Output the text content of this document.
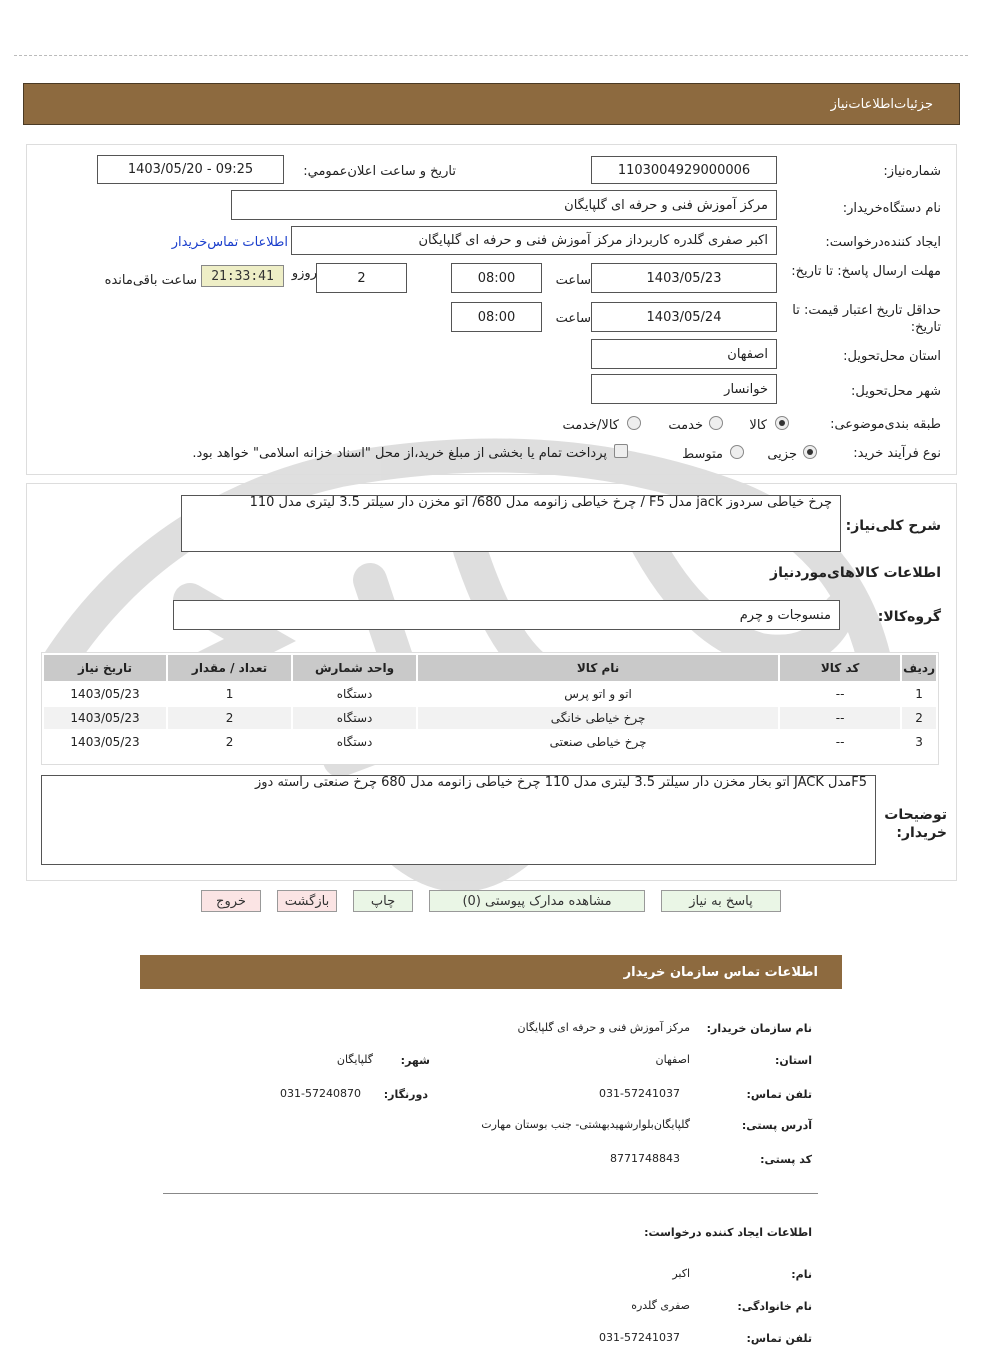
جزئیات‌اطلاعات‌نیاز
شماره‌نیاز:
1103004929000006
تاریخ و ساعت اعلان‌عمومي:
1403/05/20 - 09:25
نام دستگاه‌خریدار:
مرکز آموزش فنی و حرفه ای گلپایگان
ایجاد کننده‌درخواست:
اکبر صفری گلدره کاربرداز مرکز آموزش فنی و حرفه ای گلپایگان
اطلاعات تماس‌خریدار
مهلت ارسال پاسخ: تا تاریخ:
1403/05/23
ساعت
08:00
2
روزو
21:33:41
ساعت باقی‌مانده
حداقل تاریخ اعتبار قیمت: تا تاریخ:
1403/05/24
ساعت
08:00
استان محل‌تحویل:
اصفهان
شهر محل‌تحویل:
خوانسار
طبقه بندی‌موضوعی:
کالا
خدمت
کالا/خدمت
نوع فرآیند خرید:
جزیی
متوسط
پرداخت تمام یا بخشی از مبلغ خرید،از محل "اسناد خزانه اسلامی" خواهد بود.
شرح کلی‌نیاز:
چرخ خیاطی سردوز jack مدل F5 / چرخ خیاطی زانومه مدل 680/ اتو مخزن دار سیلتر 3.5 لیتری مدل 110
اطلاعات کالاهای‌مورد‌نیاز
گروه‌کالا:
منسوجات و چرم
ردیف	کد کالا	نام کالا	واحد شمارش	تعداد / مقدار	تاریخ نیاز
1	--	اتو و اتو پرس	دستگاه	1	1403/05/23
2	--	چرخ خیاطی خانگی	دستگاه	2	1403/05/23
3	--	چرخ خیاطی صنعتی	دستگاه	2	1403/05/23
توضیحات خریدار:
F5مدل JACK اتو بخار مخزن دار سیلتر 3.5 لیتری مدل 110 چرخ خیاطی زانومه مدل 680 چرخ صنعتی راسته دوز
پاسخ به نیاز
مشاهده مدارک پیوستی (0)
چاپ
بازگشت
خروج
اطلاعات تماس سازمان خریدار
نام سازمان خریدار:
مرکز آموزش فنی و حرفه ای گلپایگان
استان:
اصفهان
شهر:
گلپایگان
تلفن تماس:
031-57241037
دورنگار:
031-57240870
آدرس پستی:
گلپایگان‌بلوارشهیدبهشتی- جنب بوستان مهارت
کد پستی:
8771748843
اطلاعات ایجاد کننده درخواست:
نام:
اکبر
نام خانوادگی:
صفری گلدره
تلفن تماس:
031-57241037
